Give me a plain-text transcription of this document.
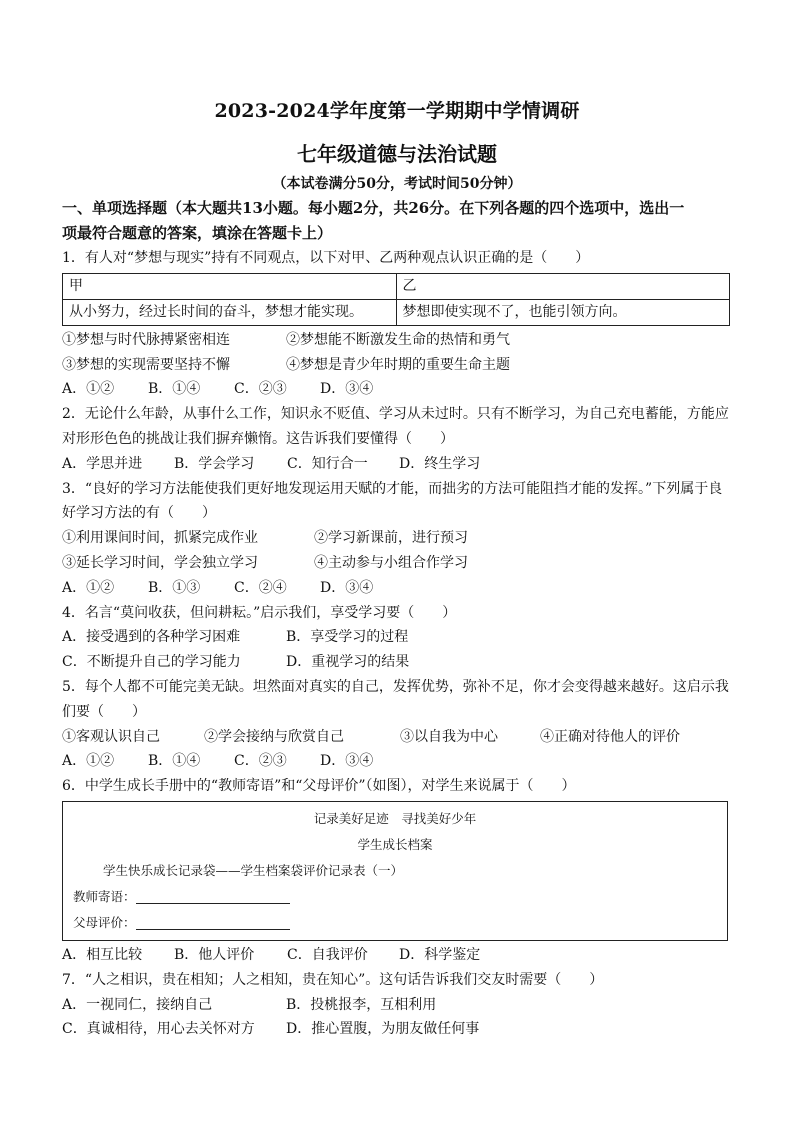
2023-2024学年度第一学期期中学情调研
七年级道德与法治试题
（本试卷满分50分，考试时间50分钟）
一、单项选择题（本大题共13小题。每小题2分，共26分。在下列各题的四个选项中，选出一
项最符合题意的答案，填涂在答题卡上）
1．有人对“梦想与现实”持有不同观点，以下对甲、乙两种观点认识正确的是（　　）
甲	乙
从小努力，经过长时间的奋斗，梦想才能实现。	梦想即使实现不了，也能引领方向。
①梦想与时代脉搏紧密相连	②梦想能不断激发生命的热情和勇气
③梦想的实现需要坚持不懈	④梦想是青少年时期的重要生命主题
A．①②	B．①④	C．②③	D．③④
2．无论什么年龄，从事什么工作，知识永不贬值、学习从未过时。只有不断学习，为自己充电蓄能，方能应
对形形色色的挑战让我们摒弃懒惰。这告诉我们要懂得（　　）
A．学思并进	B．学会学习	C．知行合一	D．终生学习
3．“良好的学习方法能使我们更好地发现运用天赋的才能，而拙劣的方法可能阻挡才能的发挥。”下列属于良
好学习方法的有（　　）
①利用课间时间，抓紧完成作业	②学习新课前，进行预习
③延长学习时间，学会独立学习	④主动参与小组合作学习
A．①②	B．①③	C．②④	D．③④
4．名言“莫问收获，但问耕耘。”启示我们，享受学习要（　　）
A．接受遇到的各种学习困难	B．享受学习的过程
C．不断提升自己的学习能力	D．重视学习的结果
5．每个人都不可能完美无缺。坦然面对真实的自己，发挥优势，弥补不足，你才会变得越来越好。这启示我
们要（　　）
①客观认识自己	②学会接纳与欣赏自己	③以自我为中心	④正确对待他人的评价
A．①②	B．①④	C．②③	D．③④
6．中学生成长手册中的“教师寄语”和“父母评价”（如图），对学生来说属于（　　）
记录美好足迹　寻找美好少年
学生成长档案
学生快乐成长记录袋——学生档案袋评价记录表（一）
教师寄语：
父母评价：
A．相互比较	B．他人评价	C．自我评价	D．科学鉴定
7．“人之相识，贵在相知；人之相知，贵在知心”。这句话告诉我们交友时需要（　　）
A．一视同仁，接纳自己	B．投桃报李，互相利用
C．真诚相待，用心去关怀对方	D．推心置腹，为朋友做任何事
